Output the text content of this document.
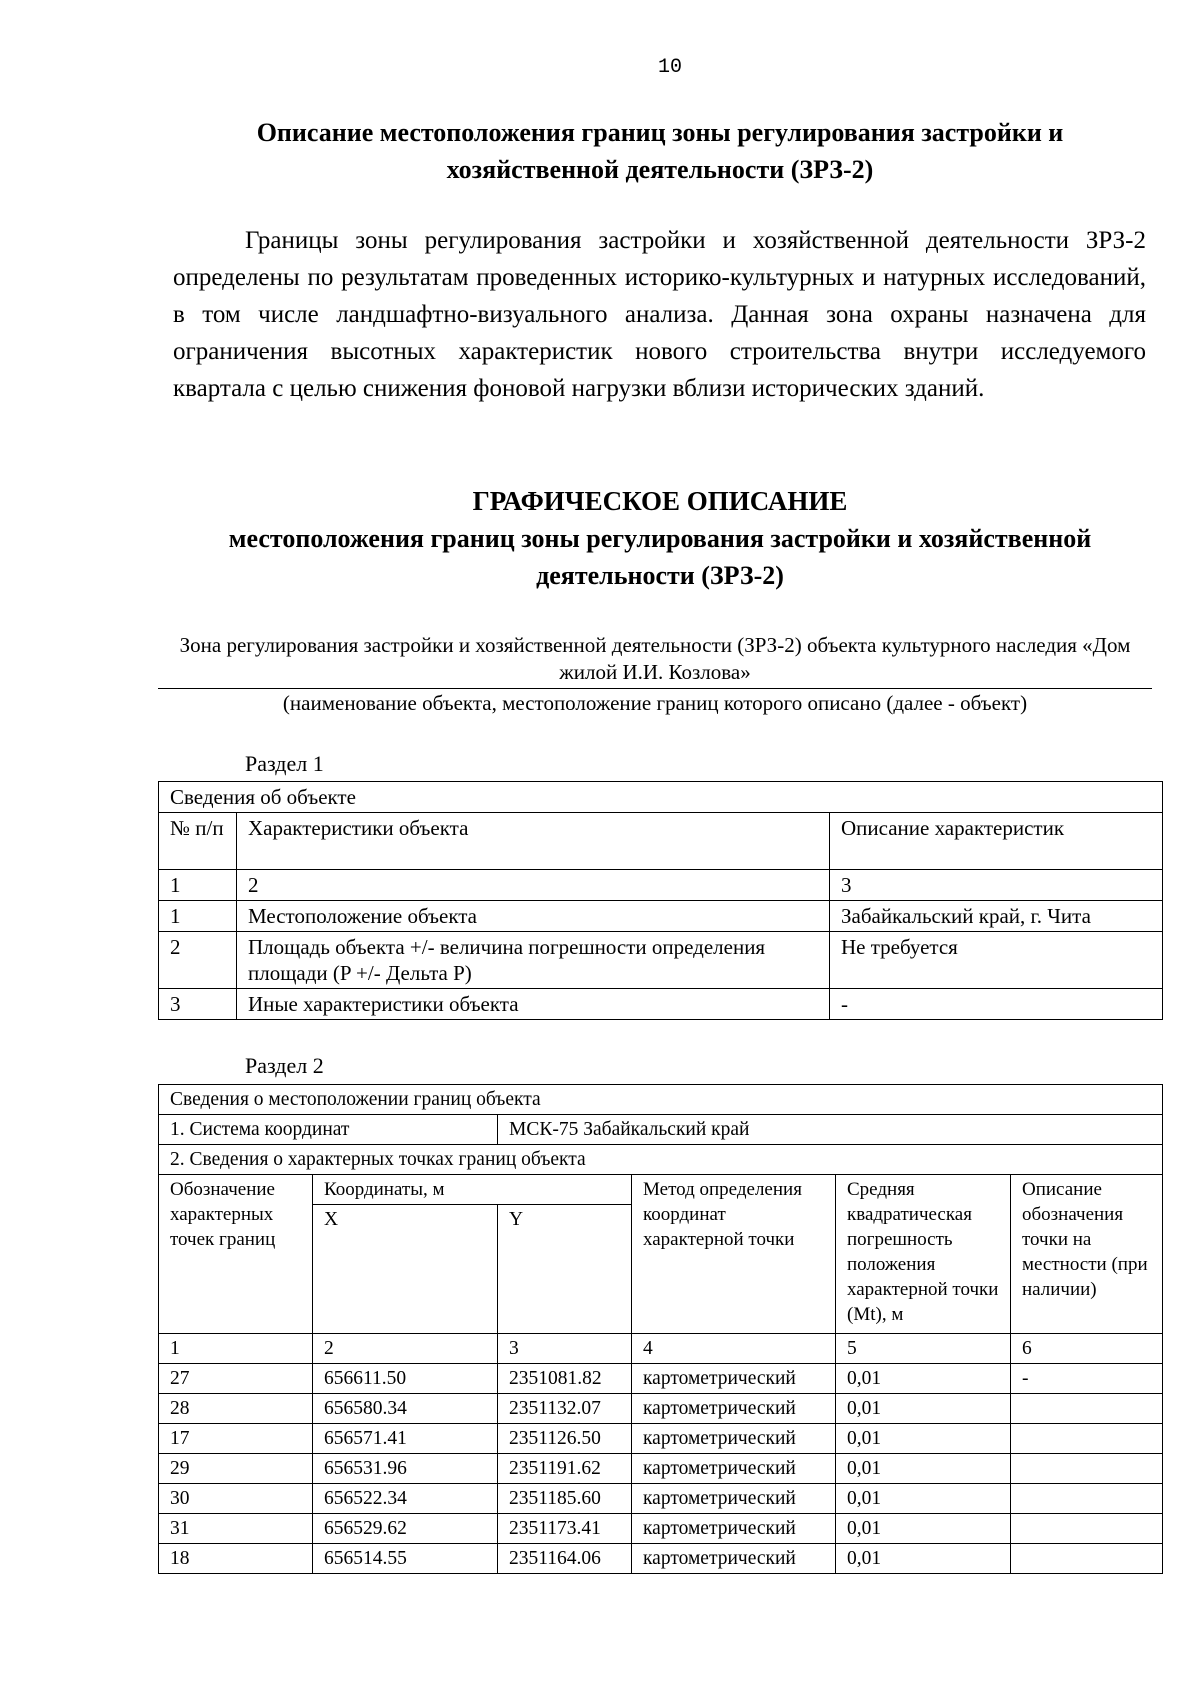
10
Описание местоположения границ зоны регулирования застройки и
хозяйственной деятельности (ЗРЗ-2)

Границы зоны регулирования застройки и хозяйственной деятельности ЗРЗ-2 определены по результатам проведенных историко-культурных и натурных исследований, в том числе ландшафтно-визуального анализа. Данная зона охраны назначена для ограничения высотных характеристик нового строительства внутри исследуемого квартала с целью снижения фоновой нагрузки вблизи исторических зданий.

ГРАФИЧЕСКОЕ ОПИСАНИЕ
местоположения границ зоны регулирования застройки и хозяйственной
деятельности (ЗРЗ-2)
Зона регулирования застройки и хозяйственной деятельности (ЗРЗ-2) объекта культурного наследия «Дом жилой И.И. Козлова»
(наименование объекта, местоположение границ которого описано (далее - объект)
Раздел 1
Сведения об объекте		
№ п/п	Характеристики объекта	Описание характеристик
1	2	3
1	Местоположение объекта	Забайкальский край, г. Чита
2	Площадь объекта +/- величина погрешности определения площади (P +/- Дельта P)	Не требуется
3	Иные характеристики объекта	-
Раздел 2
Сведения о местоположении границ объекта					
1. Система координат		МСК-75 Забайкальский край			
2. Сведения о характерных точках границ объекта					
Обозначение характерных точек границ	Координаты, м		Метод определения координат характерной точки	Средняя квадратическая погрешность положения характерной точки (Mt), м	Описание обозначения точки на местности (при наличии)
	X	Y			
1	2	3	4	5	6
27	656611.50	2351081.82	картометрический	0,01	-
28	656580.34	2351132.07	картометрический	0,01	
17	656571.41	2351126.50	картометрический	0,01	
29	656531.96	2351191.62	картометрический	0,01	
30	656522.34	2351185.60	картометрический	0,01	
31	656529.62	2351173.41	картометрический	0,01	
18	656514.55	2351164.06	картометрический	0,01	
